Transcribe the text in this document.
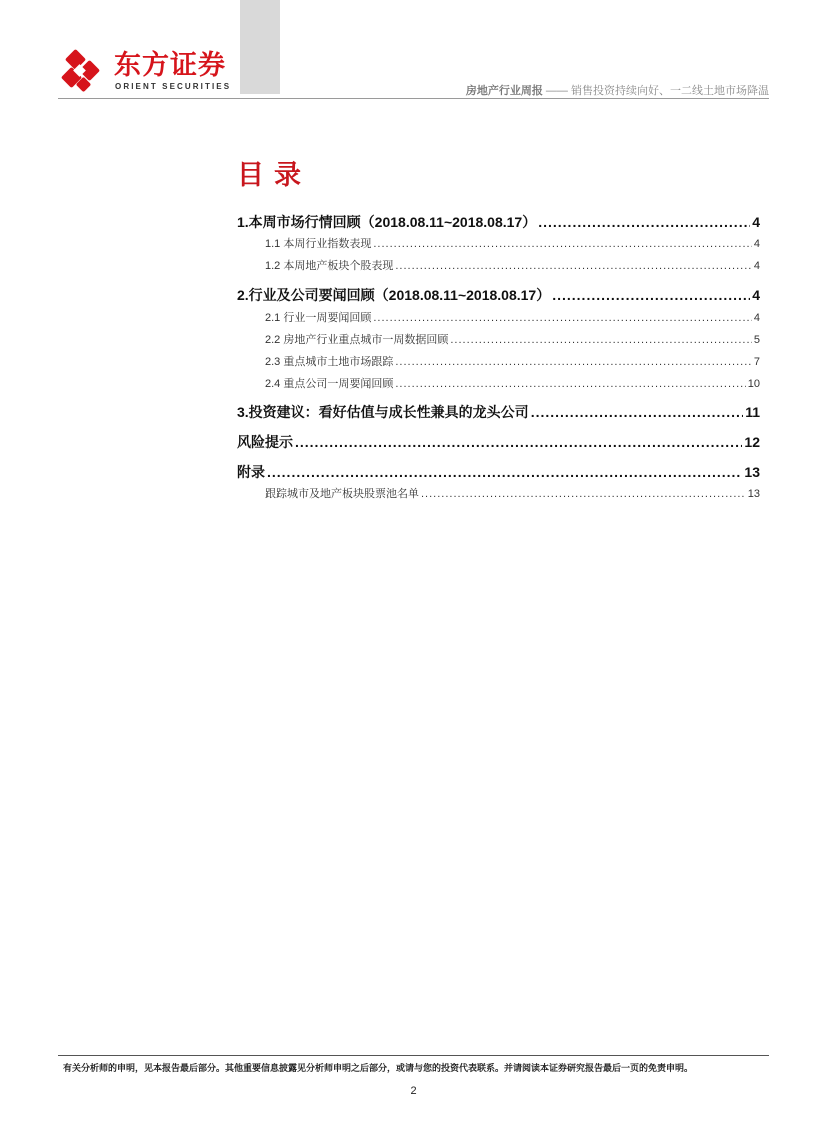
东方证券
ORIENT SECURITIES	房地产行业周报 —— 销售投资持续向好、一二线土地市场降温
目录
1.本周市场行情回顾（2018.08.11~2018.08.17） .....	4
1.1 本周行业指数表现 .....	4
1.2 本周地产板块个股表现 .....	4
2.行业及公司要闻回顾（2018.08.11~2018.08.17） .....	4
2.1 行业一周要闻回顾 .....	4
2.2 房地产行业重点城市一周数据回顾 .....	5
2.3 重点城市土地市场跟踪 .....	7
2.4 重点公司一周要闻回顾 .....	10
3.投资建议：看好估值与成长性兼具的龙头公司 .....	11
风险提示 .....	12
附录 .....	13
跟踪城市及地产板块股票池名单 .....	13
有关分析师的申明，见本报告最后部分。其他重要信息披露见分析师申明之后部分，或请与您的投资代表联系。并请阅读本证券研究报告最后一页的免责申明。
2
